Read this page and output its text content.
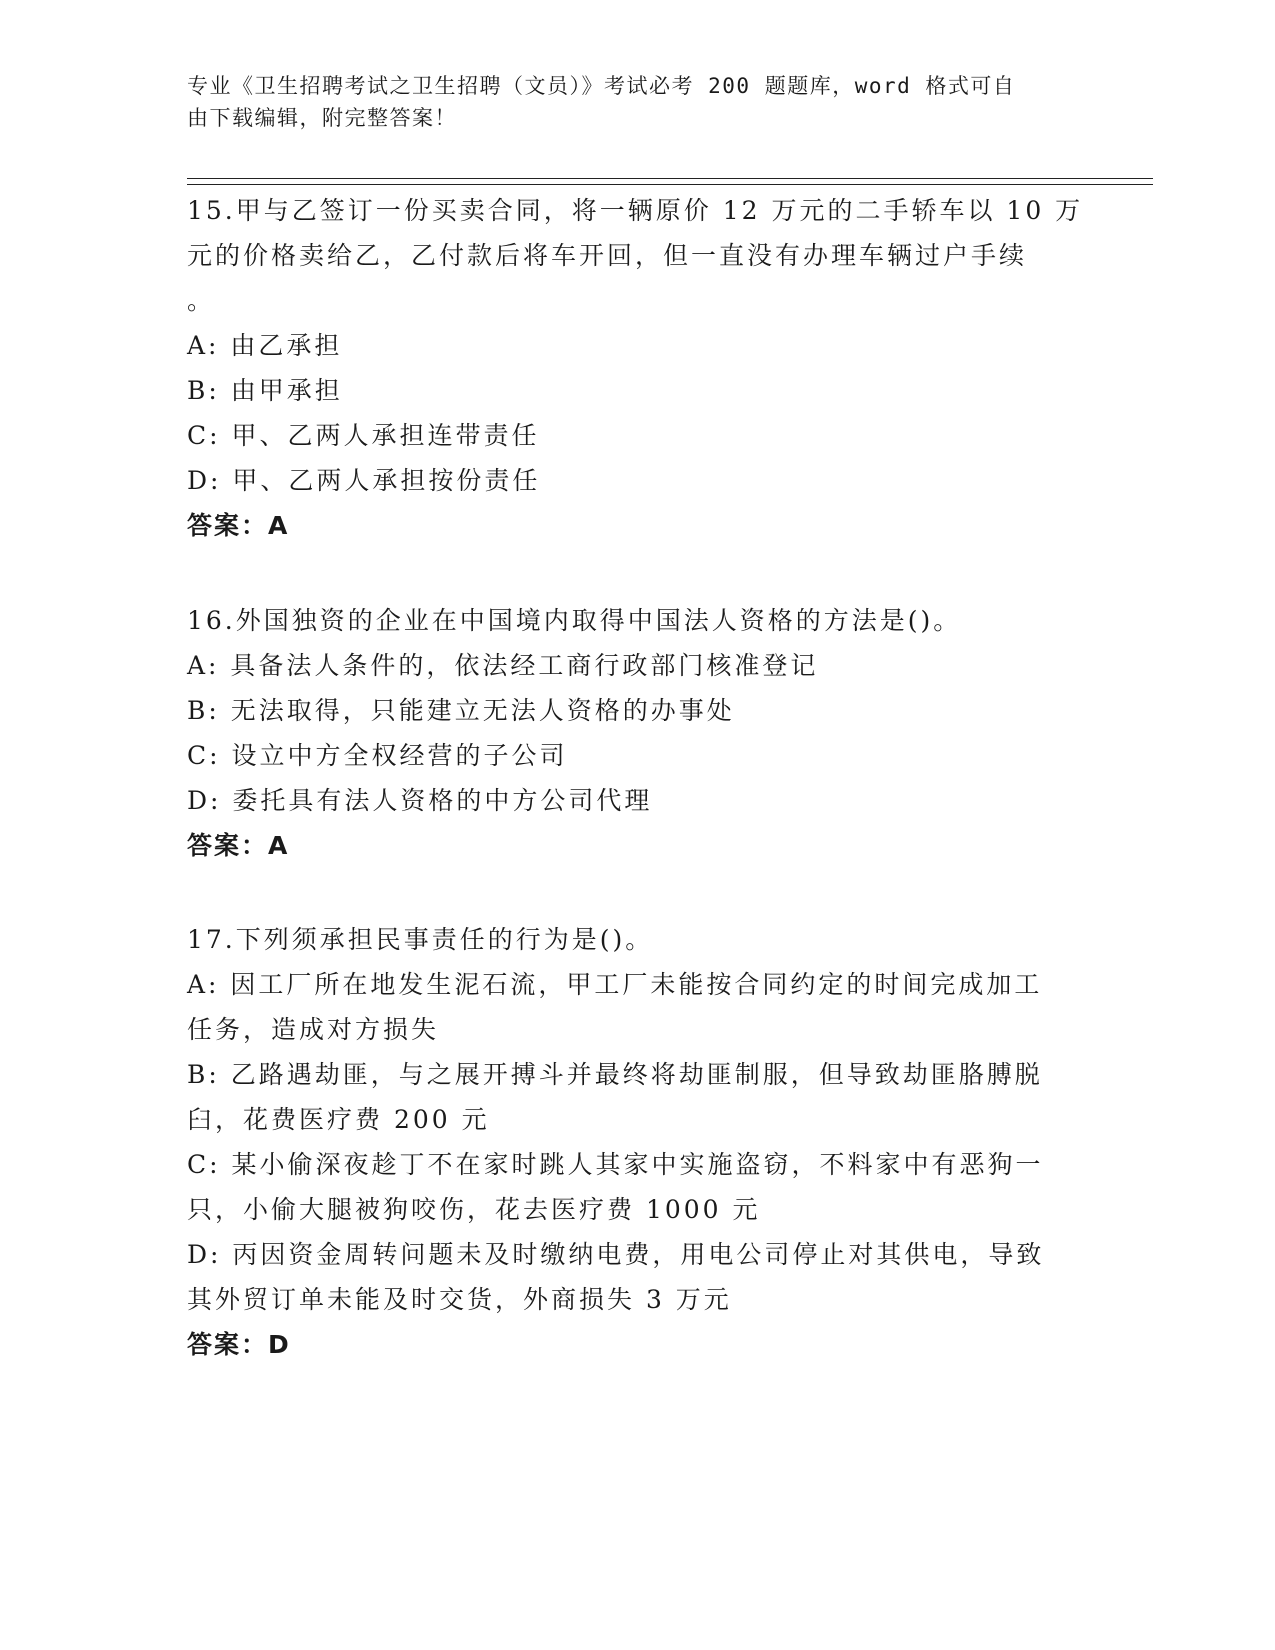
专业《卫生招聘考试之卫生招聘（文员）》考试必考 200 题题库，word 格式可自
由下载编辑，附完整答案！
15.甲与乙签订一份买卖合同，将一辆原价 12 万元的二手轿车以 10 万
元的价格卖给乙，乙付款后将车开回，但一直没有办理车辆过户手续
。
A: 由乙承担
B: 由甲承担
C: 甲、乙两人承担连带责任
D: 甲、乙两人承担按份责任
答案：A
16.外国独资的企业在中国境内取得中国法人资格的方法是()。
A: 具备法人条件的，依法经工商行政部门核准登记
B: 无法取得，只能建立无法人资格的办事处
C: 设立中方全权经营的子公司
D: 委托具有法人资格的中方公司代理
答案：A
17.下列须承担民事责任的行为是()。
A: 因工厂所在地发生泥石流，甲工厂未能按合同约定的时间完成加工
任务，造成对方损失
B: 乙路遇劫匪，与之展开搏斗并最终将劫匪制服，但导致劫匪胳膊脱
臼，花费医疗费 200 元
C: 某小偷深夜趁丁不在家时跳人其家中实施盗窃，不料家中有恶狗一
只，小偷大腿被狗咬伤，花去医疗费 1000 元
D: 丙因资金周转问题未及时缴纳电费，用电公司停止对其供电，导致
其外贸订单未能及时交货，外商损失 3 万元
答案：D
